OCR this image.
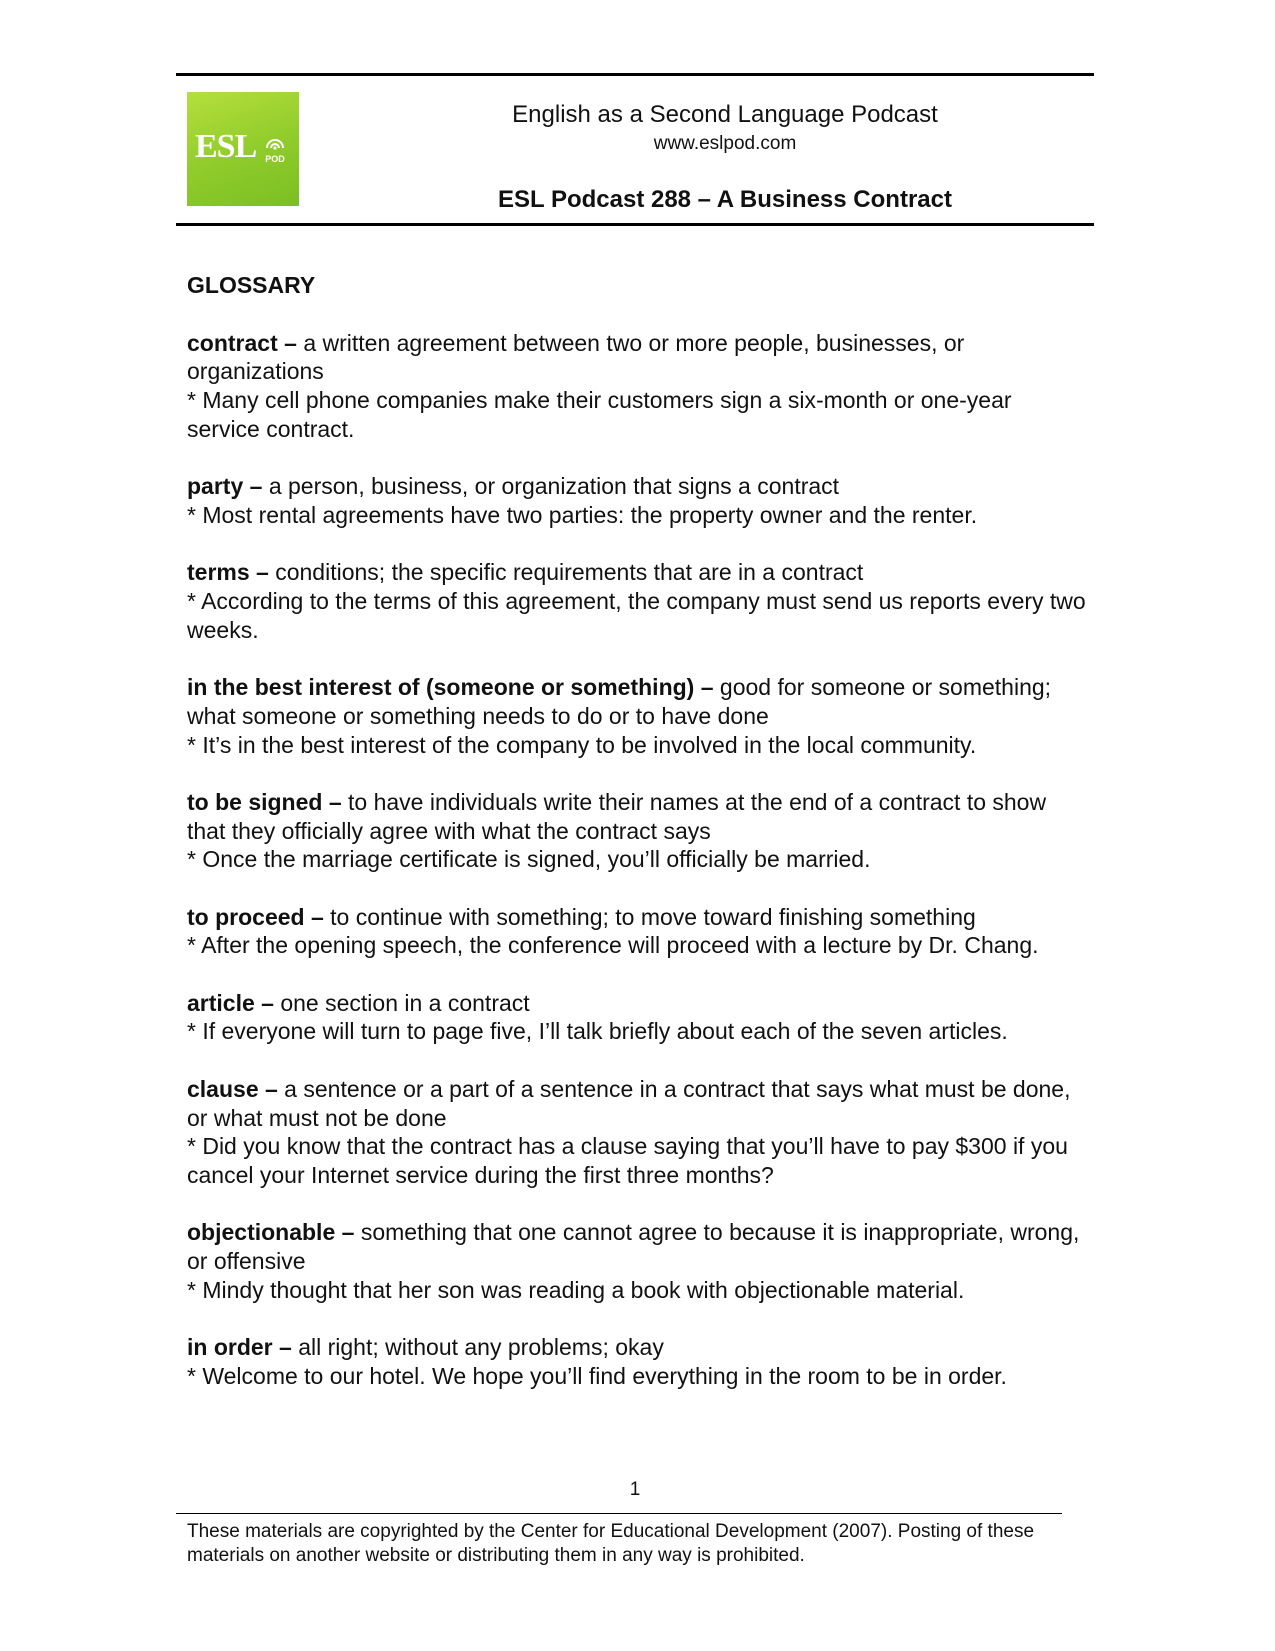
ESL POD
English as a Second Language Podcast
www.eslpod.com
ESL Podcast 288 – A Business Contract
GLOSSARY
contract – a written agreement between two or more people, businesses, or organizations

* Many cell phone companies make their customers sign a six-month or one-year service contract.

party – a person, business, or organization that signs a contract

* Most rental agreements have two parties: the property owner and the renter.

terms – conditions; the specific requirements that are in a contract

* According to the terms of this agreement, the company must send us reports every two weeks.

in the best interest of (someone or something) – good for someone or something; what someone or something needs to do or to have done

* It’s in the best interest of the company to be involved in the local community.

to be signed – to have individuals write their names at the end of a contract to show that they officially agree with what the contract says

* Once the marriage certificate is signed, you’ll officially be married.

to proceed – to continue with something; to move toward finishing something

* After the opening speech, the conference will proceed with a lecture by Dr. Chang.

article – one section in a contract

* If everyone will turn to page five, I’ll talk briefly about each of the seven articles.

clause – a sentence or a part of a sentence in a contract that says what must be done, or what must not be done

* Did you know that the contract has a clause saying that you’ll have to pay $300 if you cancel your Internet service during the first three months?

objectionable – something that one cannot agree to because it is inappropriate, wrong, or offensive

* Mindy thought that her son was reading a book with objectionable material.

in order – all right; without any problems; okay

* Welcome to our hotel. We hope you’ll find everything in the room to be in order.

1
These materials are copyrighted by the Center for Educational Development (2007). Posting of these materials on another website or distributing them in any way is prohibited.
